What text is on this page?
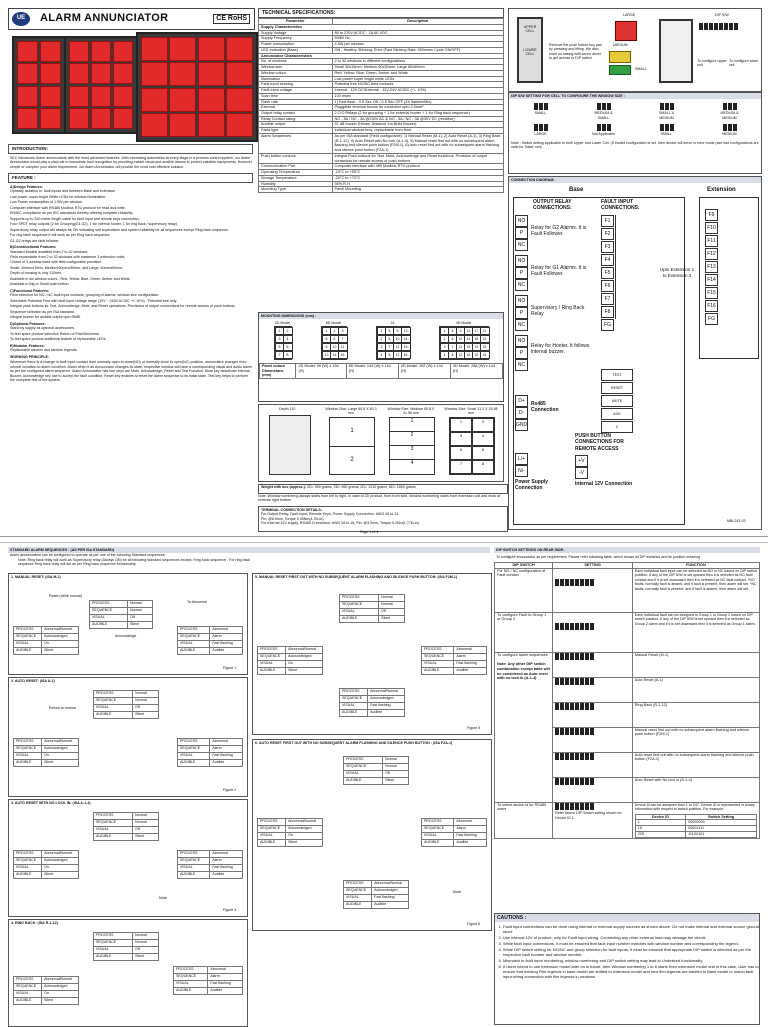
UE	ALARM ANNUNCIATOR	CE RoHS
INTRODUCTION:

SEC introduces Alarm annunciators with the most advanced features. With increasing automation at every stage in a process control system, our Alarm Annunciator would play a vital role in immediate fault recognition by providing instant visual and audible alarms to protect valuable equipments. However simple or complex your alarm requirement, our Alarm Annunciator will provide the most cost effective solution.

FEATURE :
A)Design Features:

Optically isolation in: fault inputs and between Base and extension

Low power, super bright White LEDs for window illumination.

Low Power consumption of 1.5W per window.

Computer interface with RS485 Modbus RTU protocol for read and write.

EN/IEC compliance as per IEC standards thereby offering complete reliability.

Supports up to 200 meter length cable for fault input and remote keys connection.

Four SPDT relay outputs (2 for Grouping(G1,G2), 1 for Internal hooter, 1 for ring back / supervisory relay).

Supervisory relay output will always be ON indicating self supervision and system reliability for all sequences except Ring back sequence.

For ring back sequence it will work as per Ring back sequence.

G1,G2 relays are fault follower.

B)Constructional Features:

Standard Models available from 2 to 32 windows.

Field expandable from 2 to 32 windows with maximum 3 extension units.

Choice of 3 window sizes with field configurable provision.

Small: 30mmx15mm, Medium:60mmx30mm, and Large: 60mmx60mm.

Depth of housing is only 110mm.

Available in six window colors - Red, Yellow, Blue, Green, Amber and White.

Available in Big or Small push button.

C)Functional Features:

Field selection for NO / NC fault input contacts, grouping of alarms, window size configuration.

Selectable Potential Free with fault input voltage range (12V ~ 240V AC/DC +/- 10%) , Potential free only.

Integral push buttons for Test, Acknowledge, Mute, and Reset operations. Provisions of output connections for remote access of push buttons.

Sequence selection as per ISA standard.

Integral buzzer for audible output upto 95dB.

D)Optional Features:

Stand by supply as optional accessories.

To feel spare product selection Return of Plan/Universal.

To feel spare product additional feature of replaceable LEDs.

E)Modular Features:

Replaceable window and window legends.

WORKING PRINCIPLE:

Whenever there is a change in fault input contact from normally open to close(NO) or normally close to open(NC) position, annunciator changes from normal condition to alarm condition. Alarm when it as Annunciator changes its state, respective window will have a corresponding visual and audio alarm as per the configured alarm sequence. Alarm Annunciator has four keys are Mute, Acknowledge, Reset and Test Function. Mute key deactivate internal Buzzer, Acknowledge key use to accept the fault condition, Reset key enables to reset the alarm sequence to its initial state. Test key helps to perform the complete test of the system.

TECHNICAL SPECIFICATIONS:
Parameter	Description
Supply Characteristics	
Supply Voltage	85 to 270V AC/DC 18-60 VDC
Supply Frequency	50/60 Hz
Power consumption	4.5W per window
LED Indication (Base)	ON - Healthy; Blinking: Error (Fast Blinking Rate: 500msec Cycle ON/OFF)
Annunciator Characteristics	
No. of windows	2 to 32 windows in different configurations
Window size	Small 30x15mm, Medium 60x30mm, Large 60x60mm
Window colour	Red, Yellow, Blue, Green, Amber and White
Illumination	Low power super bright white LEDs
Fault input sensing	Potential free NO/NC field contacts
Fault input voltage	Internal - 12V DC/External - 12V-24V AC/DC (+/- 10%)
Scan time	100 msec
Flash rate	1) Fast flash - 0.5 Sec ON / 0.5 Sec OFF (4X flashes/Min)
External	Pluggable terminal blocks for conductor upto 2.5mm²
Output relay contact	2 C/O Relays (2 for grouping + 1 for external hooter + 1 for Ring back sequence)
Relay Contact rating	NO - 5A / NC - 3A @230V AC & NO - 5A / NC - 3A @30V DC (resistive)
Audible output	97 dB buzzer (Hooter Distance 1m Build Buzzer)
Facia type	Individual window lens, replaceable from front
Alarm Sequences	As per ISA standard (Field configurable): 1) Manual Reset (M-1), 2) Auto Reset (A-1), 3) Ring Back (R-1-12), 4) Auto Reset with No lock (A-1-4), 5) Manual reset first out with no subsequent alarm flashing and silence push button (F2M-1), 6) Auto reset first out with no subsequent alarm flashing and silence push button (F2A-1)
Push button controls	Integral Push buttons for Test, Mute, Acknowledge and Reset functions. Provision of output contactors for remote access of push buttons
Communication Port	Computer interface with 485 Modbus RTU protocol
Operating Temperature	-10°C to +55°C
Storage Temperature	-20°C to +70°C
Humidity	95% R.H.
Mounting Type	Panel Mounting
MOUNTING DIMENSIONS (mm) :
2D Model
1	2
3	4
5	6
7	8
8D Model
1	2	3
5	6	7
9	10	11
13	14	15
24
1	5	9	13
2	6	10	14
3	7	11	15
4	8	12	16
4D Model
1	5	9	13	17	21
2	6	10	14	18	22
3	7	11	15	19	23
4	8	12	16	20	24
Panel cutout
Dimensions (mm)	2D Model: 96 (W) x 136 (H)	8D Model: 144 (W) x 144 (H)	2D Model: 192 (W) x 144 (H)	4D Model: 288 (W) x 144 (H)
Depth 110	Window Size: Large 60.8 X 60.3 mm
1
2
Window Size: Medium 60.8 X 31.56 mm
1
2
3
4
Window Size: Small 31.3 X 15.98 mm
1	2
3	4
5	6
7	8
Weight with box (approx.): 2D= 900 grams, 2D= 960 grams, 2D= 1310 grams, 8D= 1800 grams
Note: Window numbering always starts from left to right. In case of 2D product, from front side, window numbering starts from extension unit and ends at extreme right bottom.
TERMINAL CONNECTION DETAILS:
For Output Relay, Fault Input, Remote Keys, Power Supply Connection: AWG 26 to 13,
Pin: @8.5mm, Torque 0.35Nm(4.7lb-in)
For Internal 12V supply, RS485 Connection: AWG 28 to 16, Pin: @3.5mm, Torque 0.2Nm(1.77lb-in)
UPPER CELL
LOWER CELL
Remove the push button key pad by pressing and lifting. We also mark on casing with screw driver to get access to DIP switch
LARGE
MEDIUM
SMALL
DIP S/W
To configure upper unit
To configure lower cell
DIP S/W SETTING FOR CELL TO CONFIGURE THE WINDOW SIZE :
SMALL	MEDIUM & SMALL
SMALL & MEDIUM
MEDIUM & MEDIUM
LARGE	Not Applicable	SMALL	MEDIUM
Note : Switch setting applicable to both Upper and Lower Cell. (If invalid configuration is set, then device will serve in error mode (see two configurations are valid for 'Base' cell).
CONNECTION DIAGRAM:
Base	Extension
OUTPUT RELAY CONNECTIONS:
FAULT INPUT CONNECTIONS:
NO
P
NC
NO
P
NC
NO
P
NC
NO
P
NC
Relay for G2 Alarms. It is Fault Follower.
Relay for G1 Alarms. It is Fault Follower.
Supervisory / Ring Back Relay
Relay for Hooter. It follows internal buzzer.
F1
F2
F3
F4
F5
F6
F7
F8
FG
F9
F10
F11
F12
F13
F14
F15
F16
FG
Upto Extension 1 to Extension 3
D+
D-
GND
Rs485 Connection
TEST
RESET
MUTE
ACK
C
PUSH BUTTON CONNECTIONS FOR REMOTE ACCESS
L/+
N/-
Power Supply Connection
+V
-V
Internal 12V Connection
MBL243-02
Page 1 of 4
STANDARD ALARM SEQUENCES : (AS PER ISA STANDARD)
Alarm annunciators can be configured to operate as per one of the following Standard sequences.
Note: Ring back relay will work as Supervisory relay (Always ON) for all following standard sequences except, Ring back sequence - For ring back sequence Ring back relay will act as per Ring back sequence functionality.
1. MANUAL RESET: (ISA M-1)
Reset (while normal)
PROCESS	Normal
SEQUENCE	Normal
VISUAL	Off
AUDIBLE	Silent
To Abnormal
PROCESS	Abnormal/Normal
SEQUENCE	Acknowledged
VISUAL	On
AUDIBLE	Silent
Acknowledge
PROCESS	Abnormal
SEQUENCE	Alarm
VISUAL	Fast flashing
AUDIBLE	Audible
Figure 1
2. AUTO RESET: (ISA A-1)
PROCESS	Normal
SEQUENCE	Normal
VISUAL	Off
AUDIBLE	Silent
Return to normal
PROCESS	Abnormal/Normal
SEQUENCE	Acknowledged
VISUAL	On
AUDIBLE	Silent
PROCESS	Abnormal
SEQUENCE	Alarm
VISUAL	Fast flashing
AUDIBLE	Audible
Figure 2
3. AUTO RESET WITH NO LOCK IN: (ISA A-1-4)
PROCESS	Normal
SEQUENCE	Normal
VISUAL	Off
AUDIBLE	Silent
PROCESS	Abnormal/Normal
SEQUENCE	Acknowledged
VISUAL	On
AUDIBLE	Silent
PROCESS	Abnormal
SEQUENCE	Alarm
VISUAL	Fast flashing
AUDIBLE	Audible
Mute
Figure 3
4. RING BACK: (ISA R-1-12)
PROCESS	Normal
SEQUENCE	Normal
VISUAL	Off
AUDIBLE	Silent
PROCESS	Abnormal/Normal
SEQUENCE	Acknowledged
VISUAL	On
AUDIBLE	Silent
PROCESS	Abnormal
SEQUENCE	Alarm
VISUAL	Fast flashing
AUDIBLE	Audible
5. MANUAL RESET FIRST OUT WITH NO SUBSEQUENT ALARM FLASHING AND SILENCE PUSH BUTTON: (ISA F2M-1)
PROCESS	Normal
SEQUENCE	Normal
VISUAL	Off
AUDIBLE	Silent
PROCESS	Abnormal/Normal
SEQUENCE	Acknowledged
VISUAL	On
AUDIBLE	Silent
PROCESS	Abnormal
SEQUENCE	Alarm
VISUAL	Fast flashing
AUDIBLE	Audible
PROCESS	Abnormal/Normal
SEQUENCE	Acknowledged
VISUAL	Fast flashing
AUDIBLE	Audible
Figure 5
6. AUTO RESET FIRST OUT WITH NO SUBSEQUENT ALARM FLASHING AND SILENCE PUSH BUTTON : (ISA F2A-1)
PROCESS	Normal
SEQUENCE	Normal
VISUAL	Off
AUDIBLE	Silent
PROCESS	Abnormal/Normal
SEQUENCE	Acknowledged
VISUAL	On
AUDIBLE	Silent
PROCESS	Abnormal
SEQUENCE	Alarm
VISUAL	Fast flashing
AUDIBLE	Audible
PROCESS	Abnormal/Normal
SEQUENCE	Acknowledged
VISUAL	Fast flashing
AUDIBLE	Audible
Mute
Figure 6
DIP SWITCH SETTINGS ON REAR SIDE:
To configure annunciator as per requirement, Please refer following table, which shows all DIP switches and its position meaning
DIP SWITCH	SETTING	FUNCTION
For NO / NC configuration of Fault contact	
	Each individual fault input can be selected as NO or NC based on DIP switch position. If any of the DIP S/W is set upward then it is selected as NO fault contact and if it is set downward then it is selected as NC fault contact. *NO faults, normally fault is absent, and if fault is present, then alarm will set. *NC faults, normally fault is present, and if fault is absent, then alarm will set.
To configure Fault to Group 1 or Group 2	
	Each individual fault can be assigned to Group 1 or Group 2 based on DIP switch position. If any of the DIP S/W is set upward then it is selected as Group 2 alarm and if it is set downward then it is selected as Group 1 alarm.
To configure alarm sequences

Note: Any other DIP switch combination except table will be considered as Auto reset with no lock in (A-1-4)	
	Manual Reset (M-1)

	Auto Reset (A-1)

	Ring Back (R-1-12)

	Manual reset first out with no subsequent alarm flashing and silence push button (F2M-1)

	Auto reset first out with no subsequent alarm flashing and silence push button (F2A-1)

	Auto Reset with No lock in (A-1-4)
To select device id for RS485 users	
Refer Above DIP Switch setting shown for Device ID 1

Device id can be assigned from 1 to 247. Device ID is represented in binary information with respect to switch position. For example,
Device ID	Switch Setting
1	00000001
15	00001111
229	11100101
CAUTIONS :
1. Fault input connections can be done using internal or external supply sources as shown above. Do not make internal and external source ground short.
2. Use internal 12V of product, only for Fault input wiring. Connecting any other external load may damage the circuit.
3. While fault input connections, it must be ensured that fault input number matches with window number and corresponding the legend.
4. While DIP switch setting for NO/NC and group selection for fault inputs, it must be ensured that appropriate DIP switch is selected as per the respective fault number and window number.
5. Mismatch in fault input numbering, window numbering and DIP switch setting may lead to Undesired functionality.
6. If users intend to use extension model later on in future, then Window numbering 1 to 8 starts from extension model and in this case, User has to ensure that existing Film legends in base model are shifted to extension model and new film legends are labeled to Base model to match fault input wiring connection with film legends in windows.
